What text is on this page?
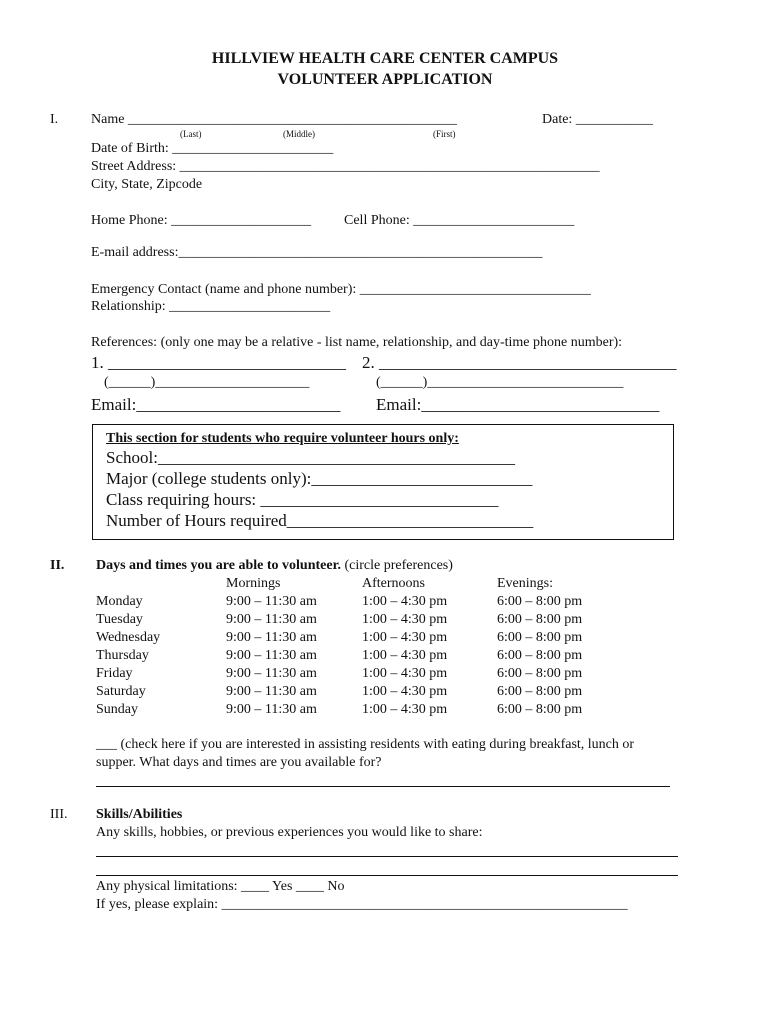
HILLVIEW HEALTH CARE CENTER CAMPUS
VOLUNTEER APPLICATION
I. Name _______________________________________________	Date: ___________
(Last)	(Middle)	(First)
Date of Birth: _______________________
Street Address: ____________________________________________________________
City, State, Zipcode
Home Phone: ____________________ Cell Phone: _______________________
E-mail address:____________________________________________________
Emergency Contact (name and phone number): _________________________________
Relationship: _______________________
References: (only one may be a relative - list name, relationship, and day-time phone number):
1. ____________________________ 2. ___________________________________
(______)______________________	(______)____________________________
Email:________________________ Email:____________________________
This section for students who require volunteer hours only:
School:__________________________________________
Major (college students only):__________________________
Class requiring hours: ____________________________
Number of Hours required_____________________________
II. Days and times you are able to volunteer. (circle preferences)
Mornings	Afternoons	Evenings:
Monday	9:00 – 11:30 am	1:00 – 4:30 pm	6:00 – 8:00 pm
Tuesday	9:00 – 11:30 am	1:00 – 4:30 pm	6:00 – 8:00 pm
Wednesday	9:00 – 11:30 am	1:00 – 4:30 pm	6:00 – 8:00 pm
Thursday	9:00 – 11:30 am	1:00 – 4:30 pm	6:00 – 8:00 pm
Friday	9:00 – 11:30 am	1:00 – 4:30 pm	6:00 – 8:00 pm
Saturday	9:00 – 11:30 am	1:00 – 4:30 pm	6:00 – 8:00 pm
Sunday	9:00 – 11:30 am	1:00 – 4:30 pm	6:00 – 8:00 pm
___ (check here if you are interested in assisting residents with eating during breakfast, lunch or
supper. What days and times are you available for?
III. Skills/Abilities
Any skills, hobbies, or previous experiences you would like to share:
Any physical limitations: ____ Yes ____ No
If yes, please explain: __________________________________________________________
